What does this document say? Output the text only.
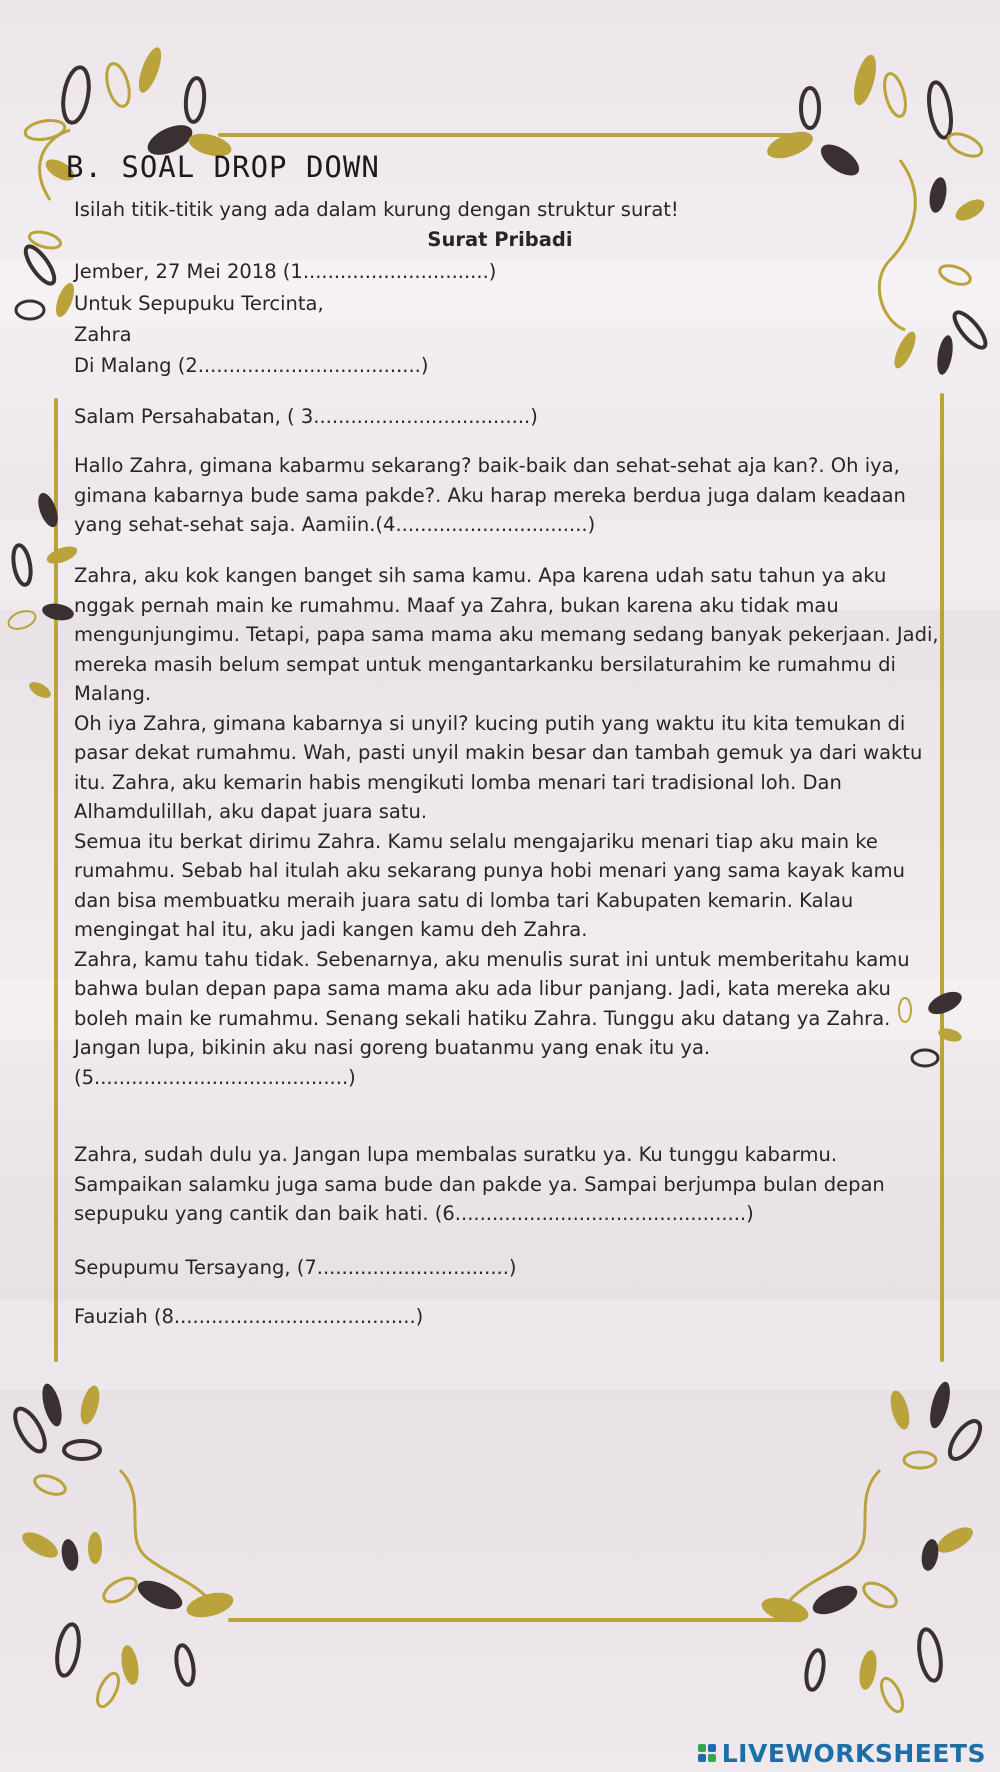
B. SOAL DROP DOWN
Isilah titik-titik yang ada dalam kurung dengan struktur surat!
Surat Pribadi
Jember, 27 Mei 2018 (1..............................)
Untuk Sepupuku Tercinta,
Zahra
Di Malang (2....................................)
Salam Persahabatan, ( 3...................................)

Hallo Zahra, gimana kabarmu sekarang? baik-baik dan sehat-sehat aja kan?. Oh iya, gimana kabarnya bude sama pakde?. Aku harap mereka berdua juga dalam keadaan yang sehat-sehat saja. Aamiin.(4...............................)

Zahra, aku kok kangen banget sih sama kamu. Apa karena udah satu tahun ya aku nggak pernah main ke rumahmu. Maaf ya Zahra, bukan karena aku tidak mau mengunjungimu. Tetapi, papa sama mama aku memang sedang banyak pekerjaan. Jadi, mereka masih belum sempat untuk mengantarkanku bersilaturahim ke rumahmu di Malang.

Oh iya Zahra, gimana kabarnya si unyil? kucing putih yang waktu itu kita temukan di pasar dekat rumahmu. Wah, pasti unyil makin besar dan tambah gemuk ya dari waktu itu. Zahra, aku kemarin habis mengikuti lomba menari tari tradisional loh. Dan Alhamdulillah, aku dapat juara satu.

Semua itu berkat dirimu Zahra. Kamu selalu mengajariku menari tiap aku main ke rumahmu. Sebab hal itulah aku sekarang punya hobi menari yang sama kayak kamu dan bisa membuatku meraih juara satu di lomba tari Kabupaten kemarin. Kalau mengingat hal itu, aku jadi kangen kamu deh Zahra.

Zahra, kamu tahu tidak. Sebenarnya, aku menulis surat ini untuk memberitahu kamu bahwa bulan depan papa sama mama aku ada libur panjang. Jadi, kata mereka aku boleh main ke rumahmu. Senang sekali hatiku Zahra. Tunggu aku datang ya Zahra. Jangan lupa, bikinin aku nasi goreng buatanmu yang enak itu ya.

(5.........................................)

Zahra, sudah dulu ya. Jangan lupa membalas suratku ya. Ku tunggu kabarmu. Sampaikan salamku juga sama bude dan pakde ya. Sampai berjumpa bulan depan sepupuku yang cantik dan baik hati. (6...............................................)

Sepupumu Tersayang, (7...............................)
Fauziah (8.......................................)
LIVEWORKSHEETS
